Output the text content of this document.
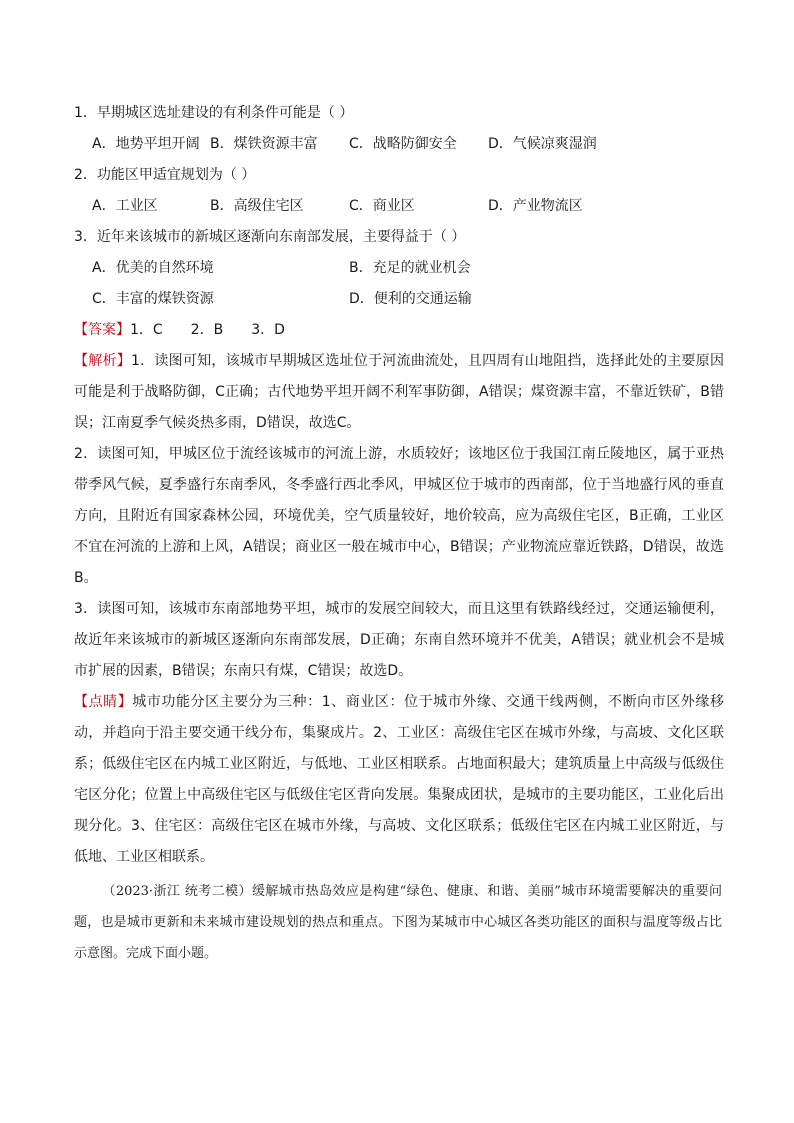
1．早期城区选址建设的有利条件可能是（ ）
A．地势平坦开阔 B．煤铁资源丰富 C．战略防御安全 D．气候凉爽湿润
2．功能区甲适宜规划为（ ）
A．工业区	B．高级住宅区	C．商业区	D．产业物流区
3．近年来该城市的新城区逐渐向东南部发展，主要得益于（ ）
A．优美的自然环境	B．充足的就业机会
C．丰富的煤铁资源	D．便利的交通运输
【答案】1．C　　2．B　　3．D
【解析】1．读图可知，该城市早期城区选址位于河流曲流处，且四周有山地阻挡，选择此处的主要原因可能是利于战略防御，C正确；古代地势平坦开阔不利军事防御，A错误；煤资源丰富，不靠近铁矿，B错误；江南夏季气候炎热多雨，D错误，故选C。
2．读图可知，甲城区位于流经该城市的河流上游，水质较好；该地区位于我国江南丘陵地区，属于亚热带季风气候，夏季盛行东南季风，冬季盛行西北季风，甲城区位于城市的西南部，位于当地盛行风的垂直方向，且附近有国家森林公园，环境优美，空气质量较好，地价较高，应为高级住宅区，B正确，工业区不宜在河流的上游和上风，A错误；商业区一般在城市中心，B错误；产业物流应靠近铁路，D错误，故选B。
3．读图可知，该城市东南部地势平坦，城市的发展空间较大，而且这里有铁路线经过，交通运输便利，故近年来该城市的新城区逐渐向东南部发展，D正确；东南自然环境并不优美，A错误；就业机会不是城市扩展的因素，B错误；东南只有煤，C错误；故选D。
【点睛】城市功能分区主要分为三种：1、商业区：位于城市外缘、交通干线两侧，不断向市区外缘移动，并趋向于沿主要交通干线分布，集聚成片。2、工业区：高级住宅区在城市外缘，与高坡、文化区联系；低级住宅区在内城工业区附近，与低地、工业区相联系。占地面积最大；建筑质量上中高级与低级住宅区分化；位置上中高级住宅区与低级住宅区背向发展。集聚成团状，是城市的主要功能区，工业化后出现分化。3、住宅区：高级住宅区在城市外缘，与高坡、文化区联系；低级住宅区在内城工业区附近，与低地、工业区相联系。
（2023·浙江 统考二模）缓解城市热岛效应是构建“绿色、健康、和谐、美丽”城市环境需要解决的重要问题，也是城市更新和未来城市建设规划的热点和重点。下图为某城市中心城区各类功能区的面积与温度等级占比示意图。完成下面小题。
